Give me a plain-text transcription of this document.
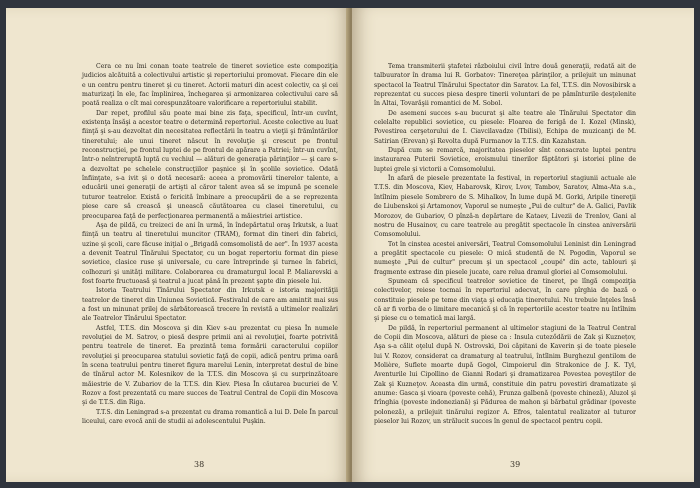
Cera ce nu îmi conan toate teatrele de tineret sovietice este compoziţia judicios alcătuită a colectivului artistic şi repertoriului promovat. Fiecare din ele e un centru pentru tineret şi cu tineret. Actorii maturi din acest colectiv, ca şi cei maturizaţi în ele, fac împlinirea, închegarea şi armonizarea colectivului care să poată realiza o cît mai corespunzătoare valorificare a repertoriului stabilit.

Dar repet, profilul său poate mai bine zis faţa, specificul, într-un cuvînt, existenţa însăşi a acestor teatre o determină repertoriul. Aceste colective au luat fiinţă şi s-au dezvoltat din necesitatea reflectării în teatru a vieţii şi frămîntărilor tineretului; ale unui tineret născut în revoluţie şi crescut pe frontul reconstrucţiei, pe frontul luptei de pe frontul de apărare a Patriei; într-un cuvînt, într-o neîntreruptă luptă cu vechiul — alături de generaţia părinţilor — şi care s-a dezvoltat pe schelele construcţiilor paşnice şi în şcolile sovietice. Odată înfiinţate, s-a ivit şi o dotă necesară: aceea a promovării tinerelor talente, a educării unei generaţii de artişti al căror talent avea să se impună pe scenele tuturor teatrelor. Există o fericită îmbinare a preocupării de a se reprezenta piese care să crească şi unească căutătoarea cu clasei tineretului, cu preocuparea faţă de perfecţionarea permanentă a măiestriei artistice.

Aşa de pildă, cu treizeci de ani în urmă, în îndepărtatul oraş Irkutsk, a luat fiinţă un teatru al tineretului muncitor (TRAM), format din tineri din fabrici, uzine şi şcoli, care făcuse iniţial o „Brigadă comsomolistă de aer". În 1937 acesta a devenit Teatrul Tînărului Spectator, cu un bogat repertoriu format din piese sovietice, clasice ruse şi universale, cu care întreprinde şi turnee în fabrici, colhozuri şi unităţi militare. Colaborarea cu dramaturgul local P. Maliarevski a fost foarte fructuoasă şi teatrul a jucat până în prezent şapte din piesele lui.

Istoria Teatrului Tînărului Spectator din Irkutsk e istoria majorităţii teatrelor de tineret din Uniunea Sovietică. Festivalul de care am amintit mai sus a fost un minunat prilej de sărbătorească trecere în revistă a ultimelor realizări ale Teatrelor Tînărului Spectator.

Astfel, T.T.S. din Moscova şi din Kiev s-au prezentat cu piesa În numele revoluţiei de M. Satrov, o piesă despre primii ani ai revoluţiei, foarte potrivită pentru teatrele de tineret. Ea prezintă tema formării caracterului copiilor revoluţiei şi preocuparea statului sovietic faţă de copii, adică pentru prima oară în scena teatrului pentru tineret figura marelui Lenin, interpretat destul de bine de tînărul actor M. Kolesnikov de la T.T.S. din Moscova şi cu surprinzătoare măiestrie de V. Zubariov de la T.T.S. din Kiev. Piesa În căutarea bucuriei de V. Rozov a fost prezentată cu mare succes de Teatrul Central de Copii din Moscova şi de T.T.S. din Riga.

T.T.S. din Leningrad s-a prezentat cu drama romantică a lui D. Dele În parcul liceului, care evocă anii de studii ai adolescentului Puşkin.

38

Tema transmiterii ştafetei războiului civil între două generaţii, redată ait de talbuurator în drama lui R. Gorbatov: Tinereţea părinţilor, a prilejuit un minunat spectacol la Teatrul Tînărului Spectator din Saratov. La fel, T.T.S. din Novosibirsk a reprezentat cu succes piesa despre tinerii voluntari de pe pămînturile desţelenite în Altai, Tovarăşii romantici de M. Sobol.

De asemeni succes s-au bucurat şi alte teatre ale Tînărului Spectator din celelalte republici sovietice, cu piesele: Floarea de ferigă de I. Kozel (Minsk), Povestirea cerşetorului de I. Ciavcilavadze (Tbilisi), Echipa de muzicanţi de M. Satirian (Erevan) şi Revolta după Furmanov la T.T.S. din Kazahstan.

După cum se remarcă, majoritatea pieselor sînt consacrate luptei pentru instaurarea Puterii Sovietice, eroismului tinerilor făptători şi istoriei pline de luptei grele şi victorii a Comsomolului.

În afară de piesele prezentate la festival, in repertoriul stagiunii actuale ale T.T.S. din Moscova, Kiev, Habarovsk, Kirov, Lvov, Tambov, Saratov, Alma-Ata s.a., întîlnim piesele Sombrero de S. Mihalkov, În lume după M. Gorki, Aripile tinereţii de Liubenskoi şi Artamonov, Vaporul se numeşte „Pui de cultur" de A. Galici, Pavlik Morozov, de Gubariov, O pînză-n depărtare de Kataev, Livezii de Trenlov, Gani al nostru de Husainov, cu care teatrele au pregătit spectacole în cinstea aniversării Comsomolului.

Tot în cinstea acestei aniversări, Teatrul Comsomolului Leninist din Leningrad a pregătit spectacole cu piesele: O mică studentă de N. Pogodin, Vaporul se numeşte „Pui de cultur" precum şi un spectacol „coupé" din acte, tablouri şi fragmente extrase din piesele jucate, care relua dramul gloriei al Comsomolului.

Spuneam că specificul teatrelor sovietice de tineret, pe lîngă compoziţia colectivelor, reiese tocmai în repertoriul adecvat, în care pîrghia de bază o constituie piesele pe teme din viaţa şi educaţia tineretului. Nu trebuie înţeles însă că ar fi vorba de o limitare mecanică şi că în repertoriile acestor teatre nu întîlnim şi piese cu o tematică mai largă.

De pildă, în repertoriul permanent al ultimelor stagiuni de la Teatrul Central de Copii din Moscova, alături de piese ca : Insula cuteződării de Zak şi Kuznețov, Aşa s-a călit oţelul după N. Ostrovski, Doi căpitani de Kaverin şi de toate piesele lui V. Rozov, considerat ca dramaturg al teatrului, întîlnim Burghezul gentilom de Molière, Suflete moarte după Gogol, Cimpoierul din Strakonice de J. K. Tyl, Aventurile lui Cipollino de Gianni Rodari şi dramatizarea Povestea poveştilor de Zak şi Kuzneţov. Aceasta din urmă, constituie din patru povestiri dramatizate şi anume: Gasca şi vioara (poveste cehă), Frunza galbenă (poveste chineză), Aluzol şi frînghia (poveste indoneziană) şi Pădurea de mahon şi bărbatul grădinar (poveste poloneză), a prilejuit tinărului regizor A. Efros, talentatul realizator al tuturor pieselor lui Rozov, un strălucit succes în genul de spectacol pentru copii.

39
